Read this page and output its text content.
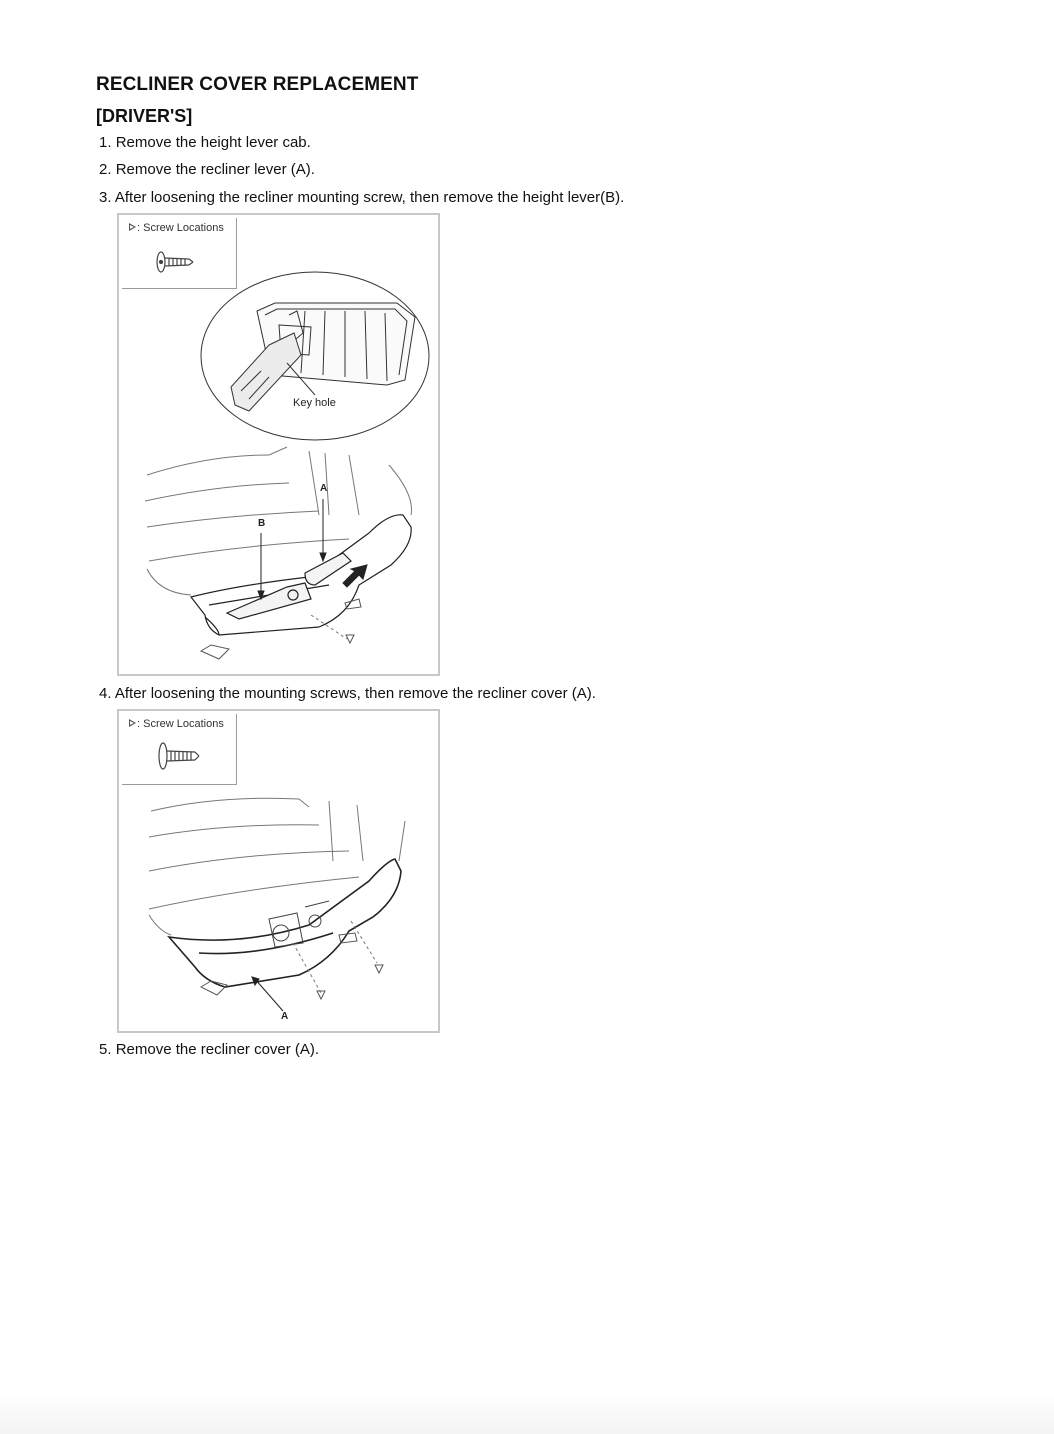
RECLINER COVER REPLACEMENT
[DRIVER'S]
1. Remove the height lever cab.
2. Remove the recliner lever (A).
3. After loosening the recliner mounting screw, then remove the height lever(B).
: Screw Locations
Key hole
A
B
4. After loosening the mounting screws, then remove the recliner cover (A).
: Screw Locations
A
5. Remove the recliner cover (A).
